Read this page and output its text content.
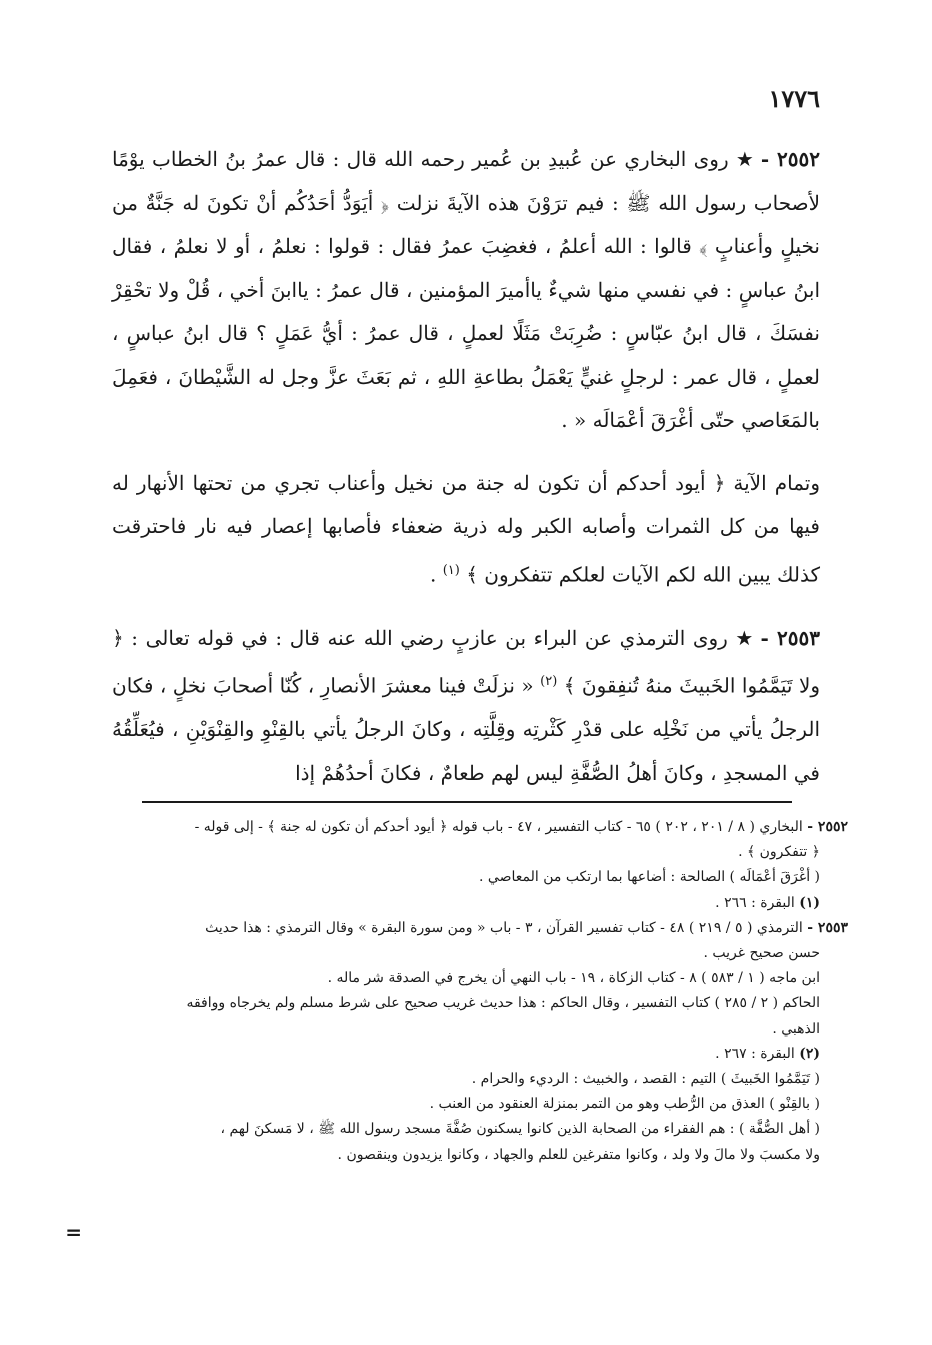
١٧٧٦

٢٥٥٢ -★ روى البخاري عن عُبيدِ بن عُمير رحمه الله قال : قال عمرُ بنُ الخطاب يوْمًا لأصحاب رسول الله ﷺ : فيم ترَوْنَ هذه الآيةَ نزلت ﴿ أيَوَدُّ أحَدُكُم أنْ تكونَ له جَنَّةٌ من نخيلٍ وأعنابٍ ﴾ قالوا : الله أعلمُ ، فغضِبَ عمرُ فقال : قولوا : نعلمُ ، أو لا نعلمُ ، فقال ابنُ عباسٍ : في نفسي منها شيءٌ ياأميرَ المؤمنين ، قال عمرُ : ياابنَ أخي ، قُلْ ولا تحْقِرْ نفسَكَ ، قال ابنُ عبّاسٍ : ضُرِبَتْ مَثَلًا لعملٍ ، قال عمرُ : أيُّ عَمَلٍ ؟ قال ابنُ عباسٍ ، لعملٍ ، قال عمر : لرجلٍ غنيٍّ يَعْمَلُ بطاعةِ اللهِ ، ثم بَعَثَ عزَّ وجل له الشَّيْطانَ ، فعَمِلَ بالمَعَاصي حتّى أغْرَقَ أعْمَالَه « .

وتمام الآية ﴿ أيود أحدكم أن تكون له جنة من نخيل وأعناب تجري من تحتها الأنهار له فيها من كل الثمرات وأصابه الكبر وله ذرية ضعفاء فأصابها إعصار فيه نار فاحترقت كذلك يبين الله لكم الآيات لعلكم تتفكرون ﴾ $^{(١)}$ .

٢٥٥٣ -★ روى الترمذي عن البراء بن عازبٍ رضي الله عنه قال : في قوله تعالى : ﴿ ولا تَيَمَّمُوا الخَبيثَ منهُ تُنفِقونَ ﴾ $^{(٢)}$ « نزلَتْ فينا معشرَ الأنصارِ ، كُنّا أصحابَ نخلٍ ، فكان الرجلُ يأتي من نَخْلِه على قدْرِ كَثْرتِه وقِلَّتِه ، وكانَ الرجلُ يأتي بالقِنْوِ والقِنْوَيْنِ ، فيُعَلِّقُهُ في المسجدِ ، وكانَ أهلُ الصُّفَّةِ ليس لهم طعامٌ ، فكانَ أحدُهُمْ إذا

٢٥٥٢ - البخاري ( ٨ / ٢٠١ ، ٢٠٢ ) ٦٥ - كتاب التفسير ، ٤٧ - باب قوله ﴿ أيود أحدكم أن تكون له جنة ﴾ - إلى قوله -

﴿ تتفكرون ﴾ .

( أغْرَقَ أعْمَالَه ) الصالحة : أضاعها بما ارتكب من المعاصي .

(١) البقرة : ٢٦٦ .

٢٥٥٣ - الترمذي ( ٥ / ٢١٩ ) ٤٨ - كتاب تفسير القرآن ، ٣ - باب « ومن سورة البقرة » وقال الترمذي : هذا حديث

حسن صحيح غريب .

ابن ماجه ( ١ / ٥٨٣ ) ٨ - كتاب الزكاة ، ١٩ - باب النهي أن يخرج في الصدقة شر ماله .

الحاكم ( ٢ / ٢٨٥ ) كتاب التفسير ، وقال الحاكم : هذا حديث غريب صحيح على شرط مسلم ولم يخرجاه ووافقه

الذهبي .

(٢) البقرة : ٢٦٧ .

( تَيَمَّمُوا الخَبيثَ ) التيم : القصد ، والخبيث : الرديء والحرام .

( بالقِنْو ) العذق من الرُّطب وهو من التمر بمنزلة العنقود من العنب .

( أهل الصُّفَّة ) : هم الفقراء من الصحابة الذين كانوا يسكنون صُفَّةَ مسجد رسول الله ﷺ ، لا مَسكنَ لهم ،

ولا مكسبَ ولا مالَ ولا ولد ، وكانوا متفرغين للعلم والجهاد ، وكانوا يزيدون وينقصون .

=
